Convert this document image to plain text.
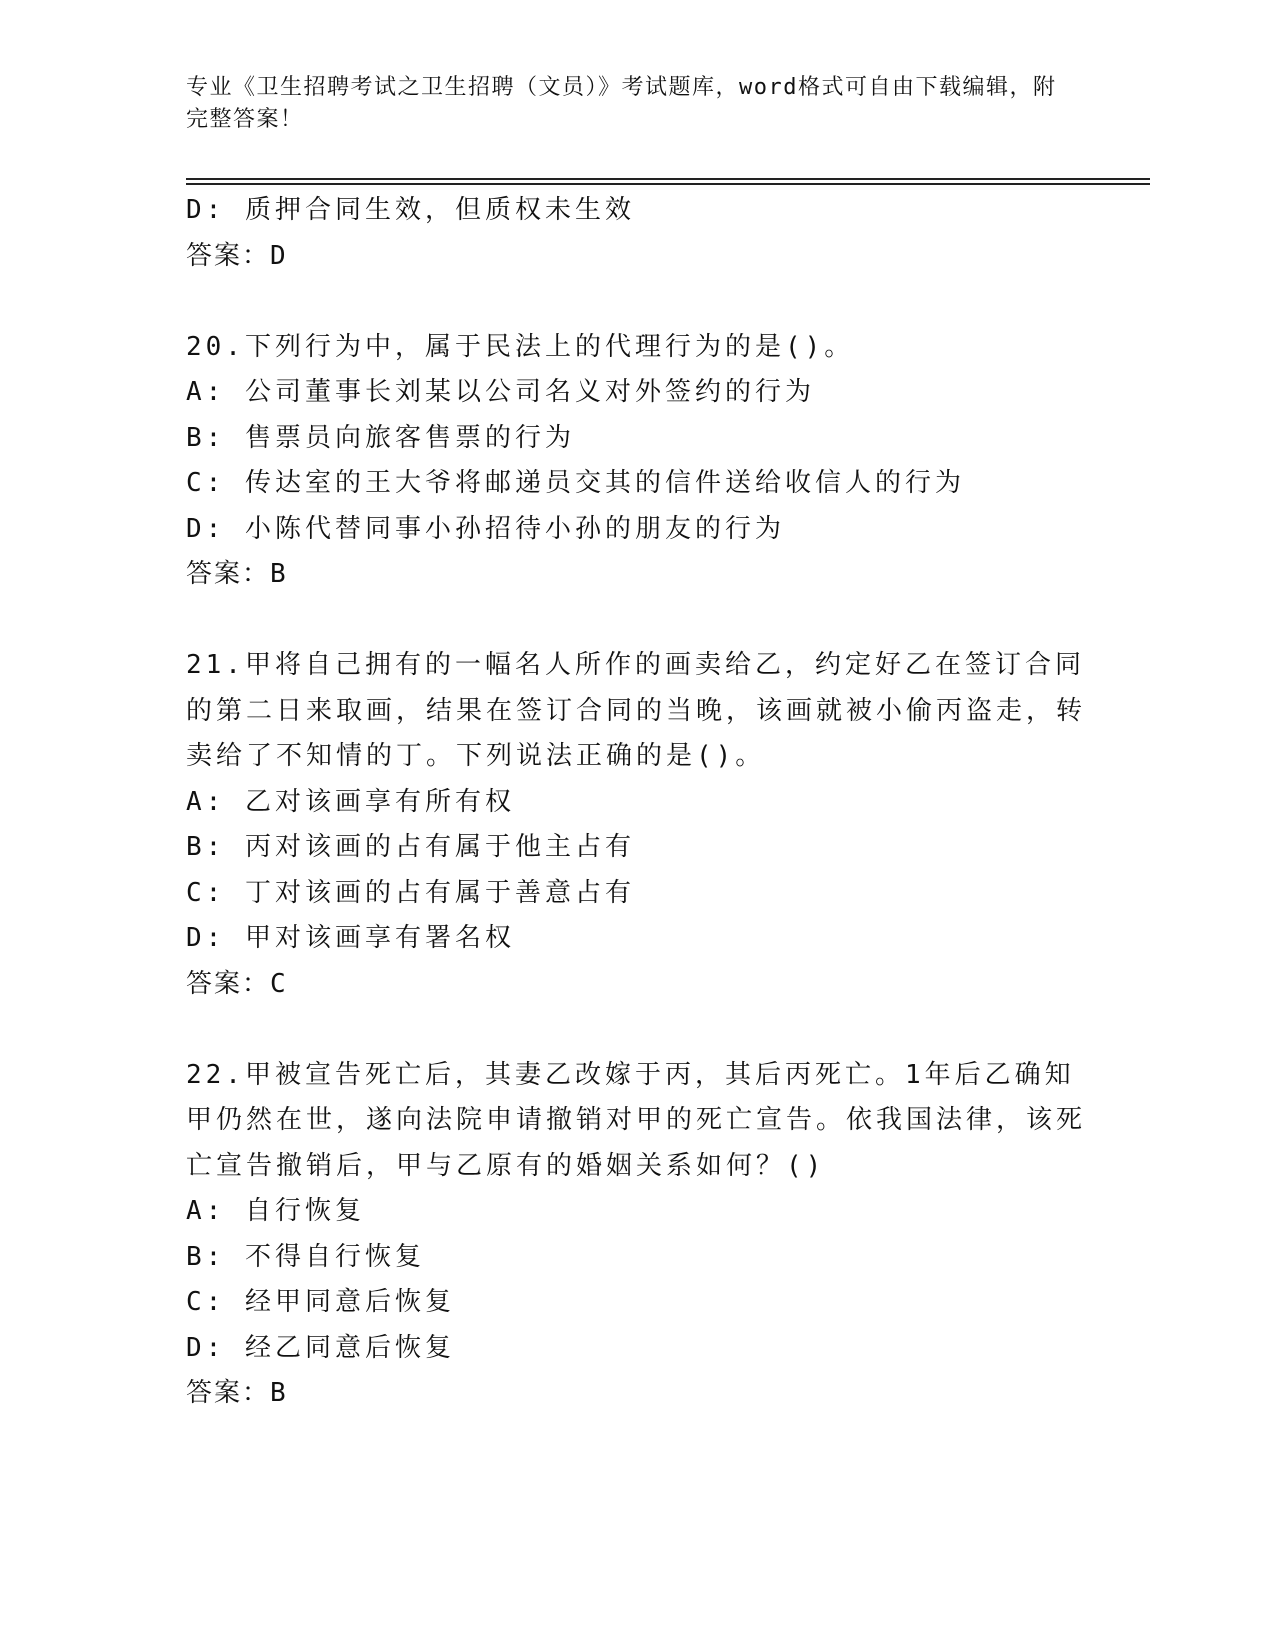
专业《卫生招聘考试之卫生招聘（文员）》考试题库，word格式可自由下载编辑，附完整答案！
D: 质押合同生效，但质权未生效
答案：D
20.下列行为中，属于民法上的代理行为的是()。
A: 公司董事长刘某以公司名义对外签约的行为
B: 售票员向旅客售票的行为
C: 传达室的王大爷将邮递员交其的信件送给收信人的行为
D: 小陈代替同事小孙招待小孙的朋友的行为
答案：B
21.甲将自己拥有的一幅名人所作的画卖给乙，约定好乙在签订合同的第二日来取画，结果在签订合同的当晚，该画就被小偷丙盗走，转卖给了不知情的丁。下列说法正确的是()。
A: 乙对该画享有所有权
B: 丙对该画的占有属于他主占有
C: 丁对该画的占有属于善意占有
D: 甲对该画享有署名权
答案：C
22.甲被宣告死亡后，其妻乙改嫁于丙，其后丙死亡。1年后乙确知甲仍然在世，遂向法院申请撤销对甲的死亡宣告。依我国法律，该死亡宣告撤销后，甲与乙原有的婚姻关系如何？()
A: 自行恢复
B: 不得自行恢复
C: 经甲同意后恢复
D: 经乙同意后恢复
答案：B
